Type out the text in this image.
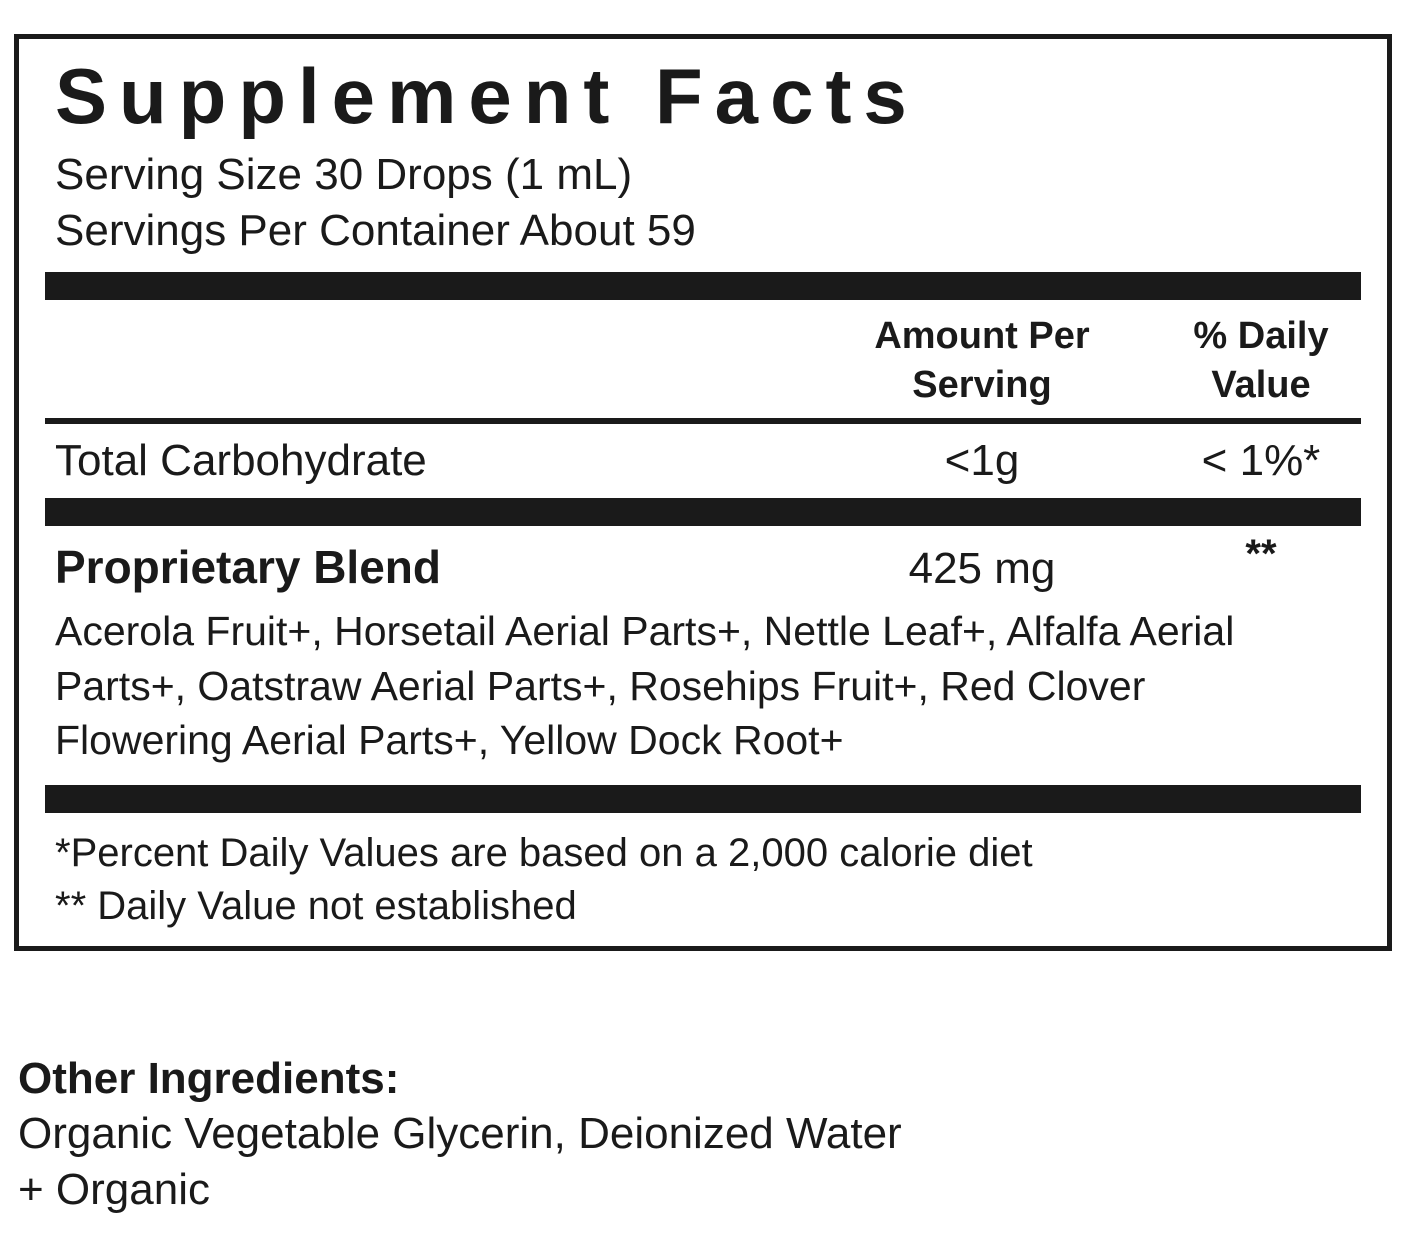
Supplement Facts
Serving Size 30 Drops (1 mL)
Servings Per Container About 59
Amount Per Serving
% Daily Value
Total Carbohydrate	<1g	< 1%*
Proprietary Blend	425 mg	**
Acerola Fruit+, Horsetail Aerial Parts+, Nettle Leaf+, Alfalfa Aerial Parts+, Oatstraw Aerial Parts+, Rosehips Fruit+, Red Clover Flowering Aerial Parts+, Yellow Dock Root+
*Percent Daily Values are based on a 2,000 calorie diet
** Daily Value not established
Other Ingredients:
Organic Vegetable Glycerin, Deionized Water
+ Organic
